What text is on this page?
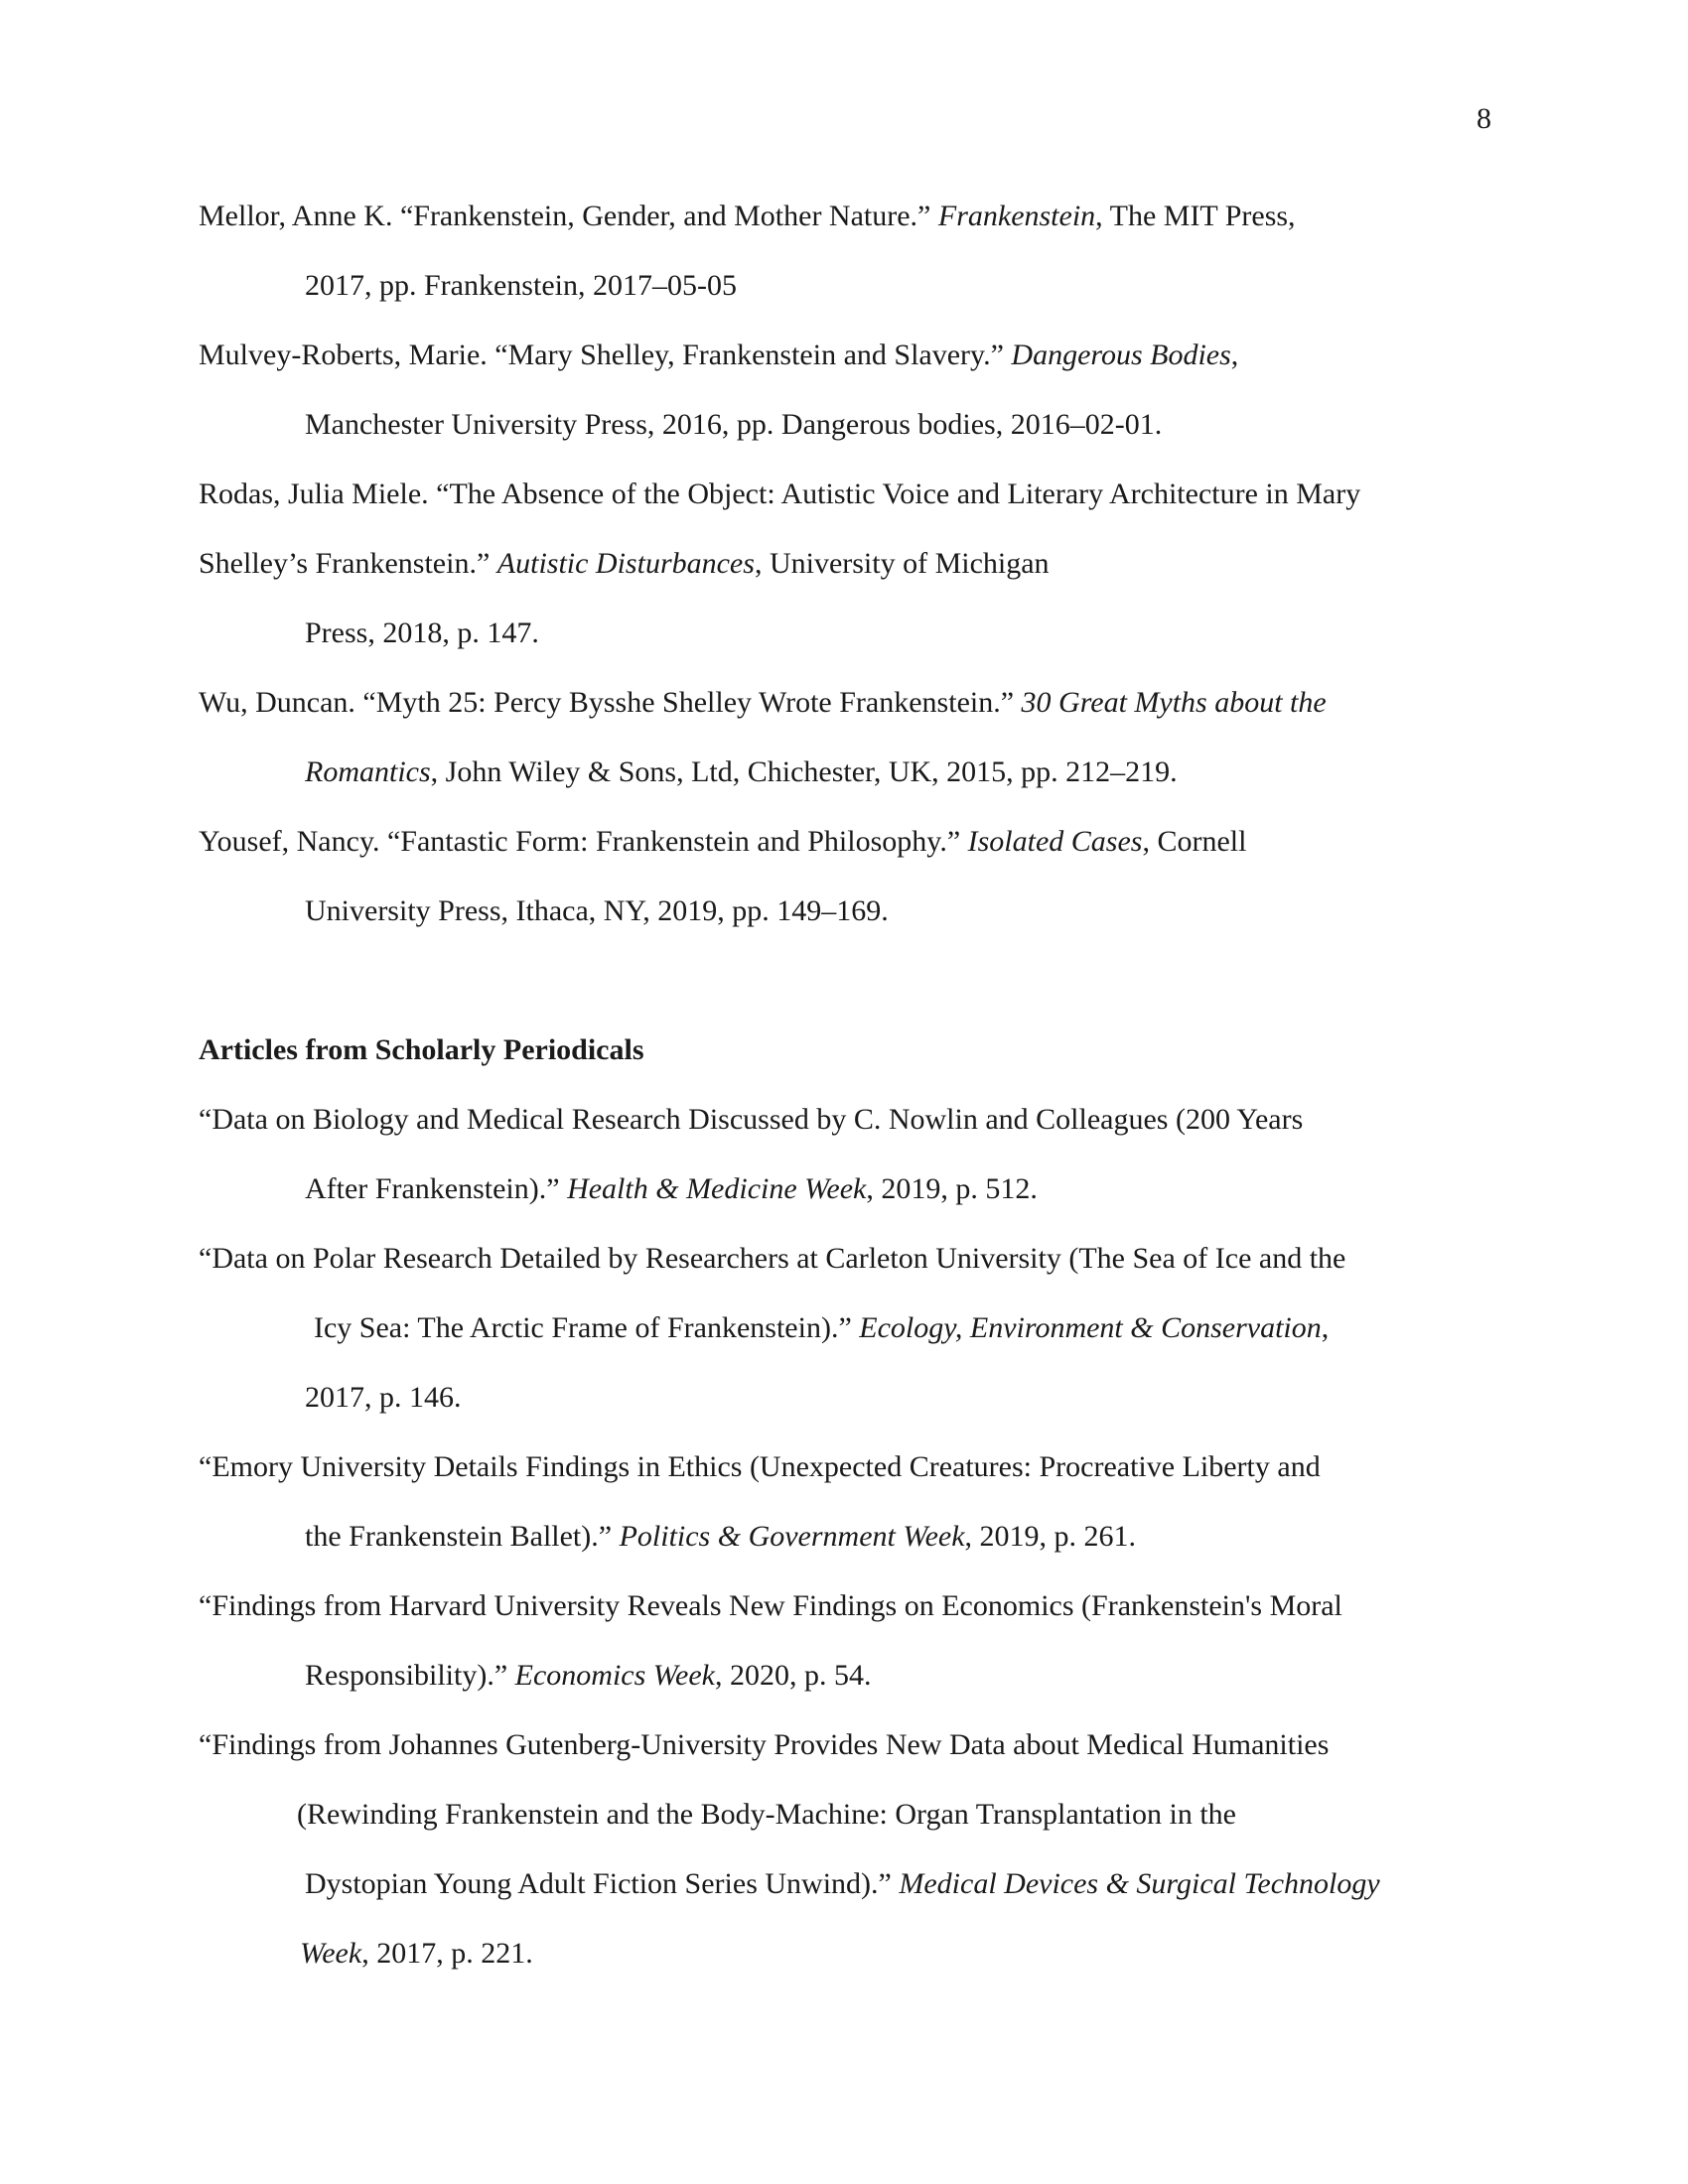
8
Mellor, Anne K. “Frankenstein, Gender, and Mother Nature.” Frankenstein, The MIT Press,
2017, pp. Frankenstein, 2017–05-05
Mulvey-Roberts, Marie. “Mary Shelley, Frankenstein and Slavery.” Dangerous Bodies,
Manchester University Press, 2016, pp. Dangerous bodies, 2016–02-01.
Rodas, Julia Miele. “The Absence of the Object: Autistic Voice and Literary Architecture in Mary
Shelley’s Frankenstein.” Autistic Disturbances, University of Michigan
Press, 2018, p. 147.
Wu, Duncan. “Myth 25: Percy Bysshe Shelley Wrote Frankenstein.” 30 Great Myths about the
Romantics, John Wiley & Sons, Ltd, Chichester, UK, 2015, pp. 212–219.
Yousef, Nancy. “Fantastic Form: Frankenstein and Philosophy.” Isolated Cases, Cornell
University Press, Ithaca, NY, 2019, pp. 149–169.
Articles from Scholarly Periodicals
“Data on Biology and Medical Research Discussed by C. Nowlin and Colleagues (200 Years
After Frankenstein).” Health & Medicine Week, 2019, p. 512.
“Data on Polar Research Detailed by Researchers at Carleton University (The Sea of Ice and the
Icy Sea: The Arctic Frame of Frankenstein).” Ecology, Environment & Conservation,
2017, p. 146.
“Emory University Details Findings in Ethics (Unexpected Creatures: Procreative Liberty and
the Frankenstein Ballet).” Politics & Government Week, 2019, p. 261.
“Findings from Harvard University Reveals New Findings on Economics (Frankenstein's Moral
Responsibility).” Economics Week, 2020, p. 54.
“Findings from Johannes Gutenberg-University Provides New Data about Medical Humanities
(Rewinding Frankenstein and the Body-Machine: Organ Transplantation in the
Dystopian Young Adult Fiction Series Unwind).” Medical Devices & Surgical Technology
Week, 2017, p. 221.
